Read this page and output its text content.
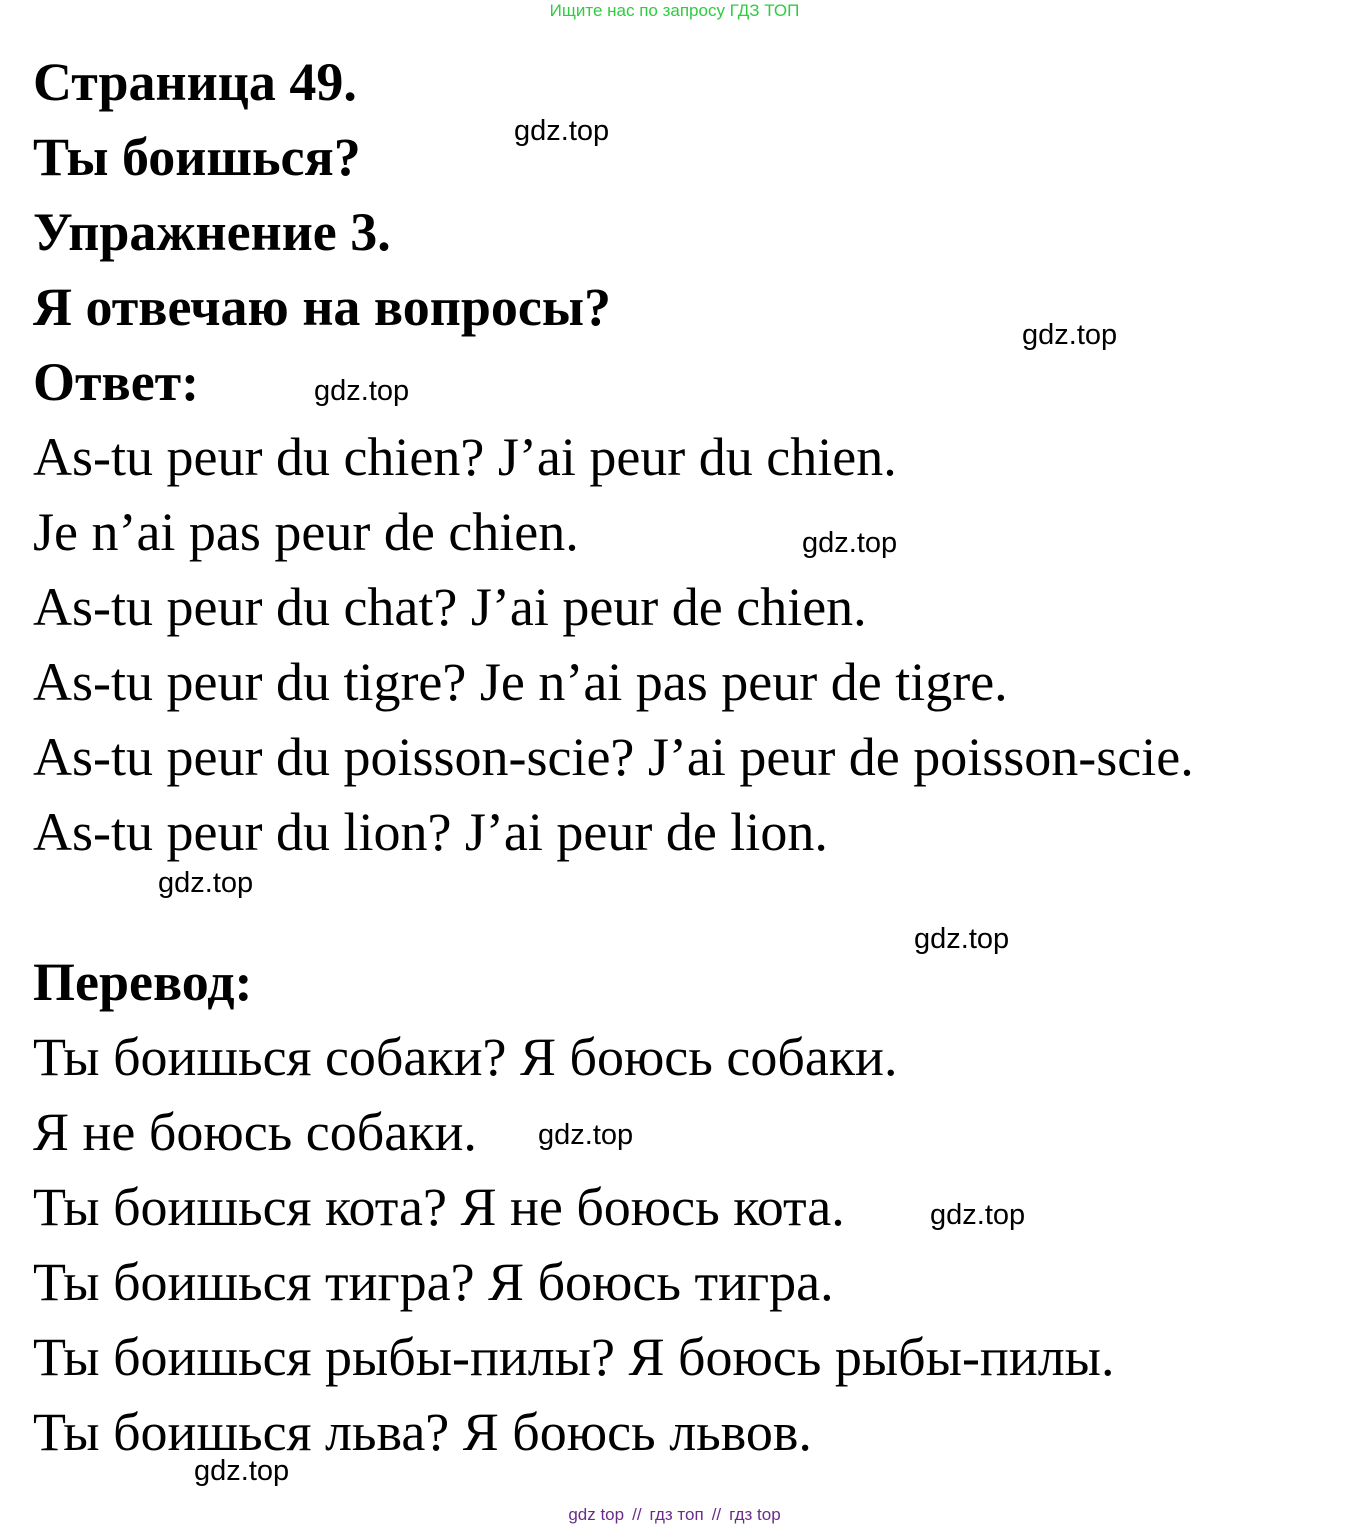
Ищите нас по запросу ГДЗ ТОП
Страница 49.
Ты боишься?
Упражнение 3.
Я отвечаю на вопросы?
Ответ:
As-tu peur du chien? J’ai peur du chien.
Je n’ai pas peur de chien.
As-tu peur du chat? J’ai peur de chien.
As-tu peur du tigre? Je n’ai pas peur de tigre.
As-tu peur du poisson-scie? J’ai peur de poisson-scie.
As-tu peur du lion? J’ai peur de lion.
Перевод:
Ты боишься собаки? Я боюсь собаки.
Я не боюсь собаки.
Ты боишься кота? Я не боюсь кота.
Ты боишься тигра? Я боюсь тигра.
Ты боишься рыбы-пилы? Я боюсь рыбы-пилы.
Ты боишься льва? Я боюсь львов.
gdz.top
gdz.top
gdz.top
gdz.top
gdz.top
gdz.top
gdz.top
gdz.top
gdz.top
gdz top // гдз топ // гдз top
